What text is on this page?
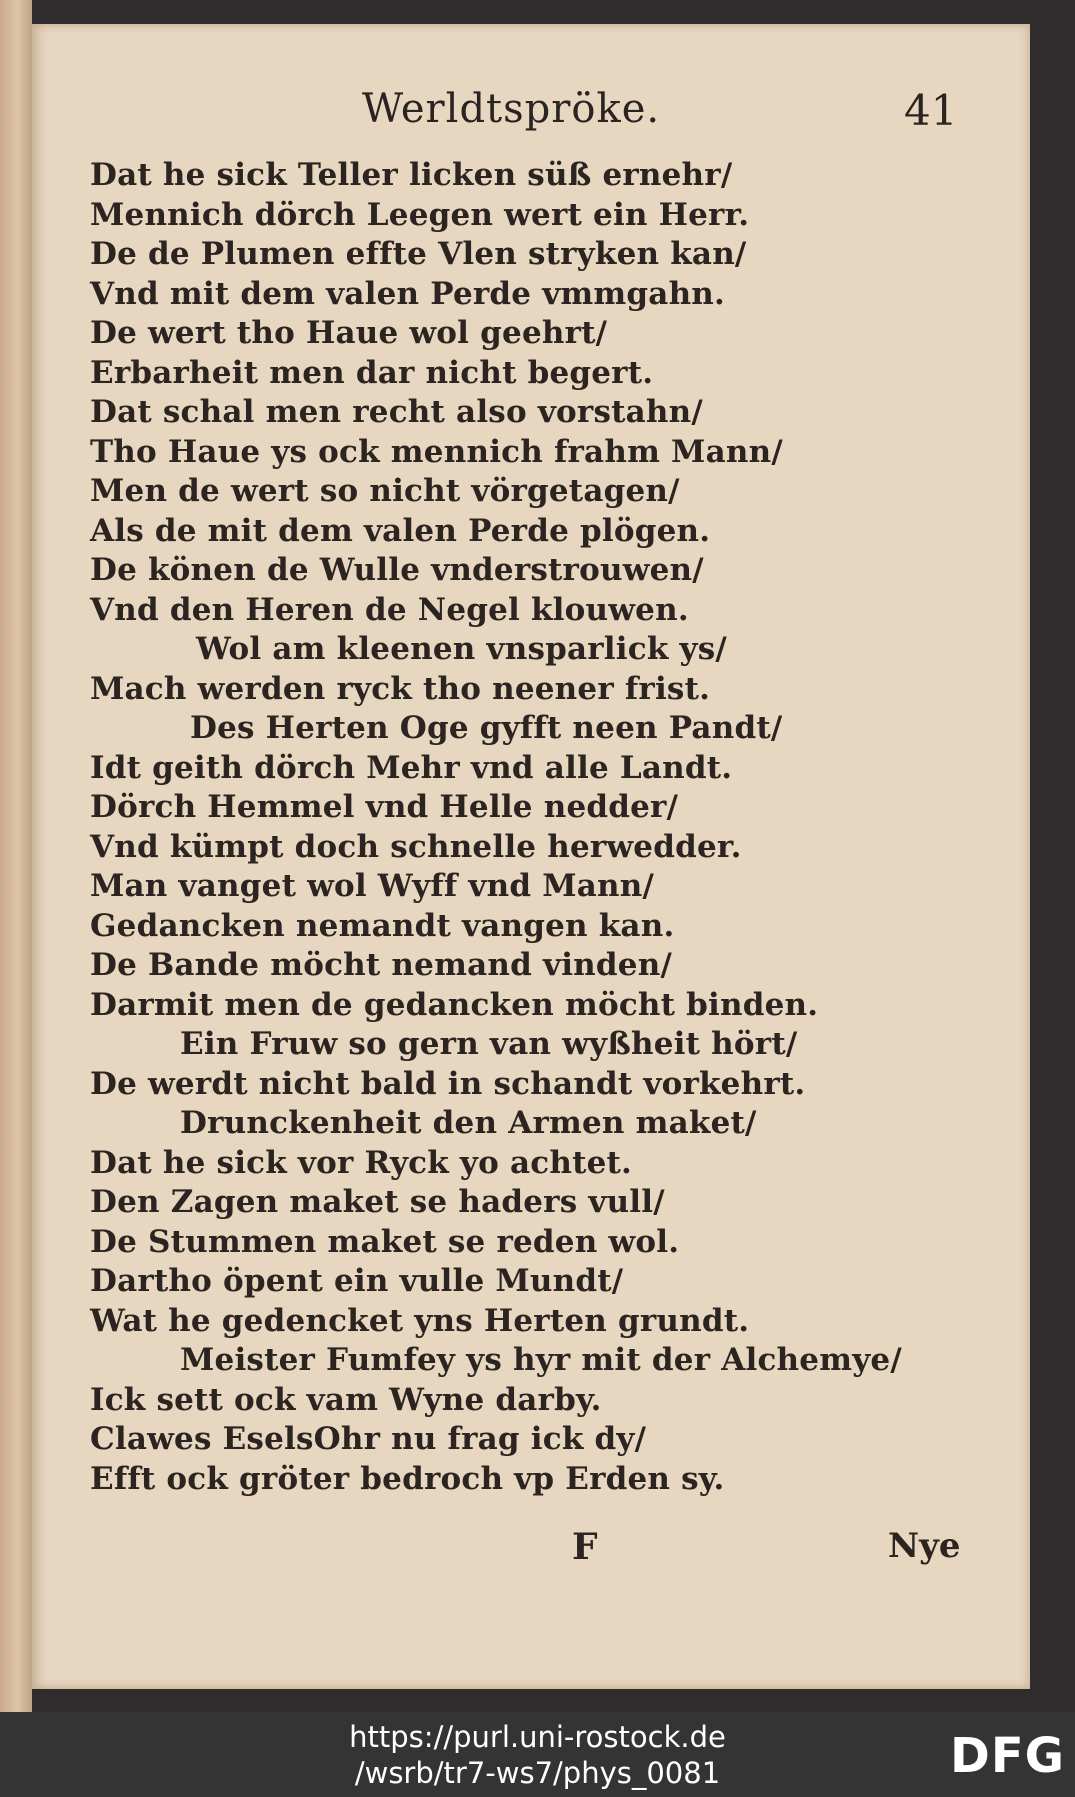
Werldtspröke.	41
Dat he sick Teller licken süß ernehr/
Mennich dörch Leegen wert ein Herr.
De de Plumen effte Vlen stryken kan/
Vnd mit dem valen Perde vmmgahn.
De wert tho Haue wol geehrt/
Erbarheit men dar nicht begert.
Dat schal men recht also vorstahn/
Tho Haue ys ock mennich frahm Mann/
Men de wert so nicht vörgetagen/
Als de mit dem valen Perde plögen.
De könen de Wulle vnderstrouwen/
Vnd den Heren de Negel klouwen.
Wol am kleenen vnsparlick ys/
Mach werden ryck tho neener frist.
Des Herten Oge gyfft neen Pandt/
Idt geith dörch Mehr vnd alle Landt.
Dörch Hemmel vnd Helle nedder/
Vnd kümpt doch schnelle herwedder.
Man vanget wol Wyff vnd Mann/
Gedancken nemandt vangen kan.
De Bande möcht nemand vinden/
Darmit men de gedancken möcht binden.
Ein Fruw so gern van wyßheit hört/
De werdt nicht bald in schandt vorkehrt.
Drunckenheit den Armen maket/
Dat he sick vor Ryck yo achtet.
Den Zagen maket se haders vull/
De Stummen maket se reden wol.
Dartho öpent ein vulle Mundt/
Wat he gedencket yns Herten grundt.
Meister Fumfey ys hyr mit der Alchemye/
Ick sett ock vam Wyne darby.
Clawes EselsOhr nu frag ick dy/
Efft ock gröter bedroch vp Erden sy.
F	Nye
https://purl.uni-rostock.de
/wsrb/tr7-ws7/phys_0081	DFG
